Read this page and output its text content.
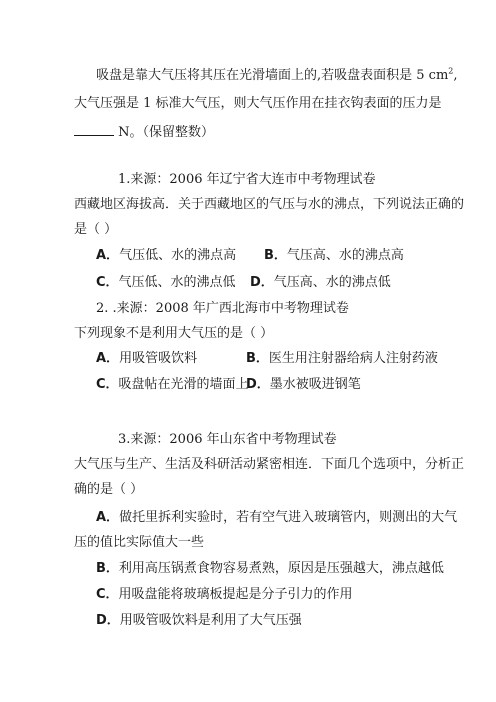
吸盘是靠大气压将其压在光滑墙面上的,若吸盘表面积是 5 $cm^2$,
大气压强是 1 标准大气压，则大气压作用在挂衣钩表面的压力是
N。（保留整数）
1.来源：2006 年辽宁省大连市中考物理试卷
西藏地区海拔高．关于西藏地区的气压与水的沸点，下列说法正确的
是（ ）
A．气压低、水的沸点高 B．气压高、水的沸点高
C．气压低、水的沸点低 D．气压高、水的沸点低
2. .来源：2008 年广西北海市中考物理试卷
下列现象不是利用大气压的是（ ）
A．用吸管吸饮料	B．医生用注射器给病人注射药液
C．吸盘帖在光滑的墙面上
D．墨水被吸进钢笔
3.来源：2006 年山东省中考物理试卷
大气压与生产、生活及科研活动紧密相连．下面几个选项中，分析正
确的是（ ）
A．做托里拆利实验时，若有空气进入玻璃管内，则测出的大气
压的值比实际值大一些
B．利用高压锅煮食物容易煮熟，原因是压强越大，沸点越低
C．用吸盘能将玻璃板提起是分子引力的作用
D．用吸管吸饮料是利用了大气压强
